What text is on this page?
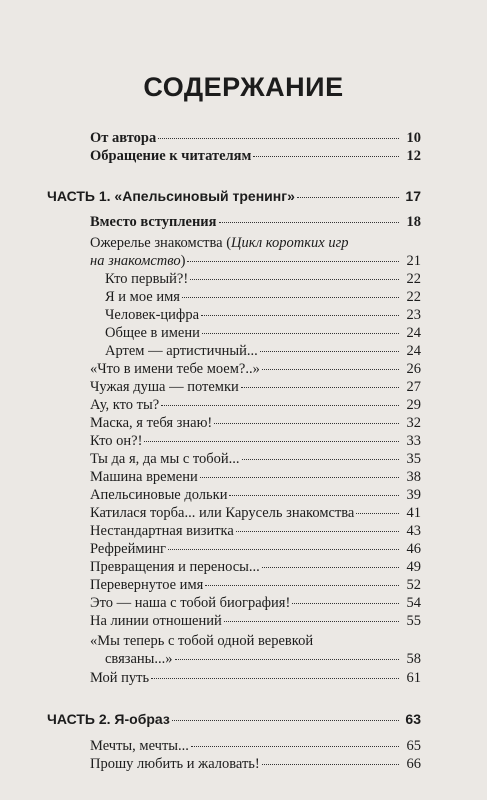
СОДЕРЖАНИЕ
От автора	10
Обращение к читателям	12
ЧАСТЬ 1. «Апельсиновый тренинг»	17
Вместо вступления	18
Ожерелье знакомства (Цикл коротких игр
на знакомство)	21
Кто первый?!	22
Я и мое имя	22
Человек-цифра	23
Общее в имени	24
Артем — артистичный...	24
«Что в имени тебе моем?..»	26
Чужая душа — потемки	27
Ау, кто ты?	29
Маска, я тебя знаю!	32
Кто он?!	33
Ты да я, да мы с тобой...	35
Машина времени	38
Апельсиновые дольки	39
Катилася торба... или Карусель знакомства	41
Нестандартная визитка	43
Рефрейминг	46
Превращения и переносы...	49
Перевернутое имя	52
Это — наша с тобой биография!	54
На линии отношений	55
«Мы теперь с тобой одной веревкой
связаны...»	58
Мой путь	61
ЧАСТЬ 2. Я-образ	63
Мечты, мечты...	65
Прошу любить и жаловать!	66
